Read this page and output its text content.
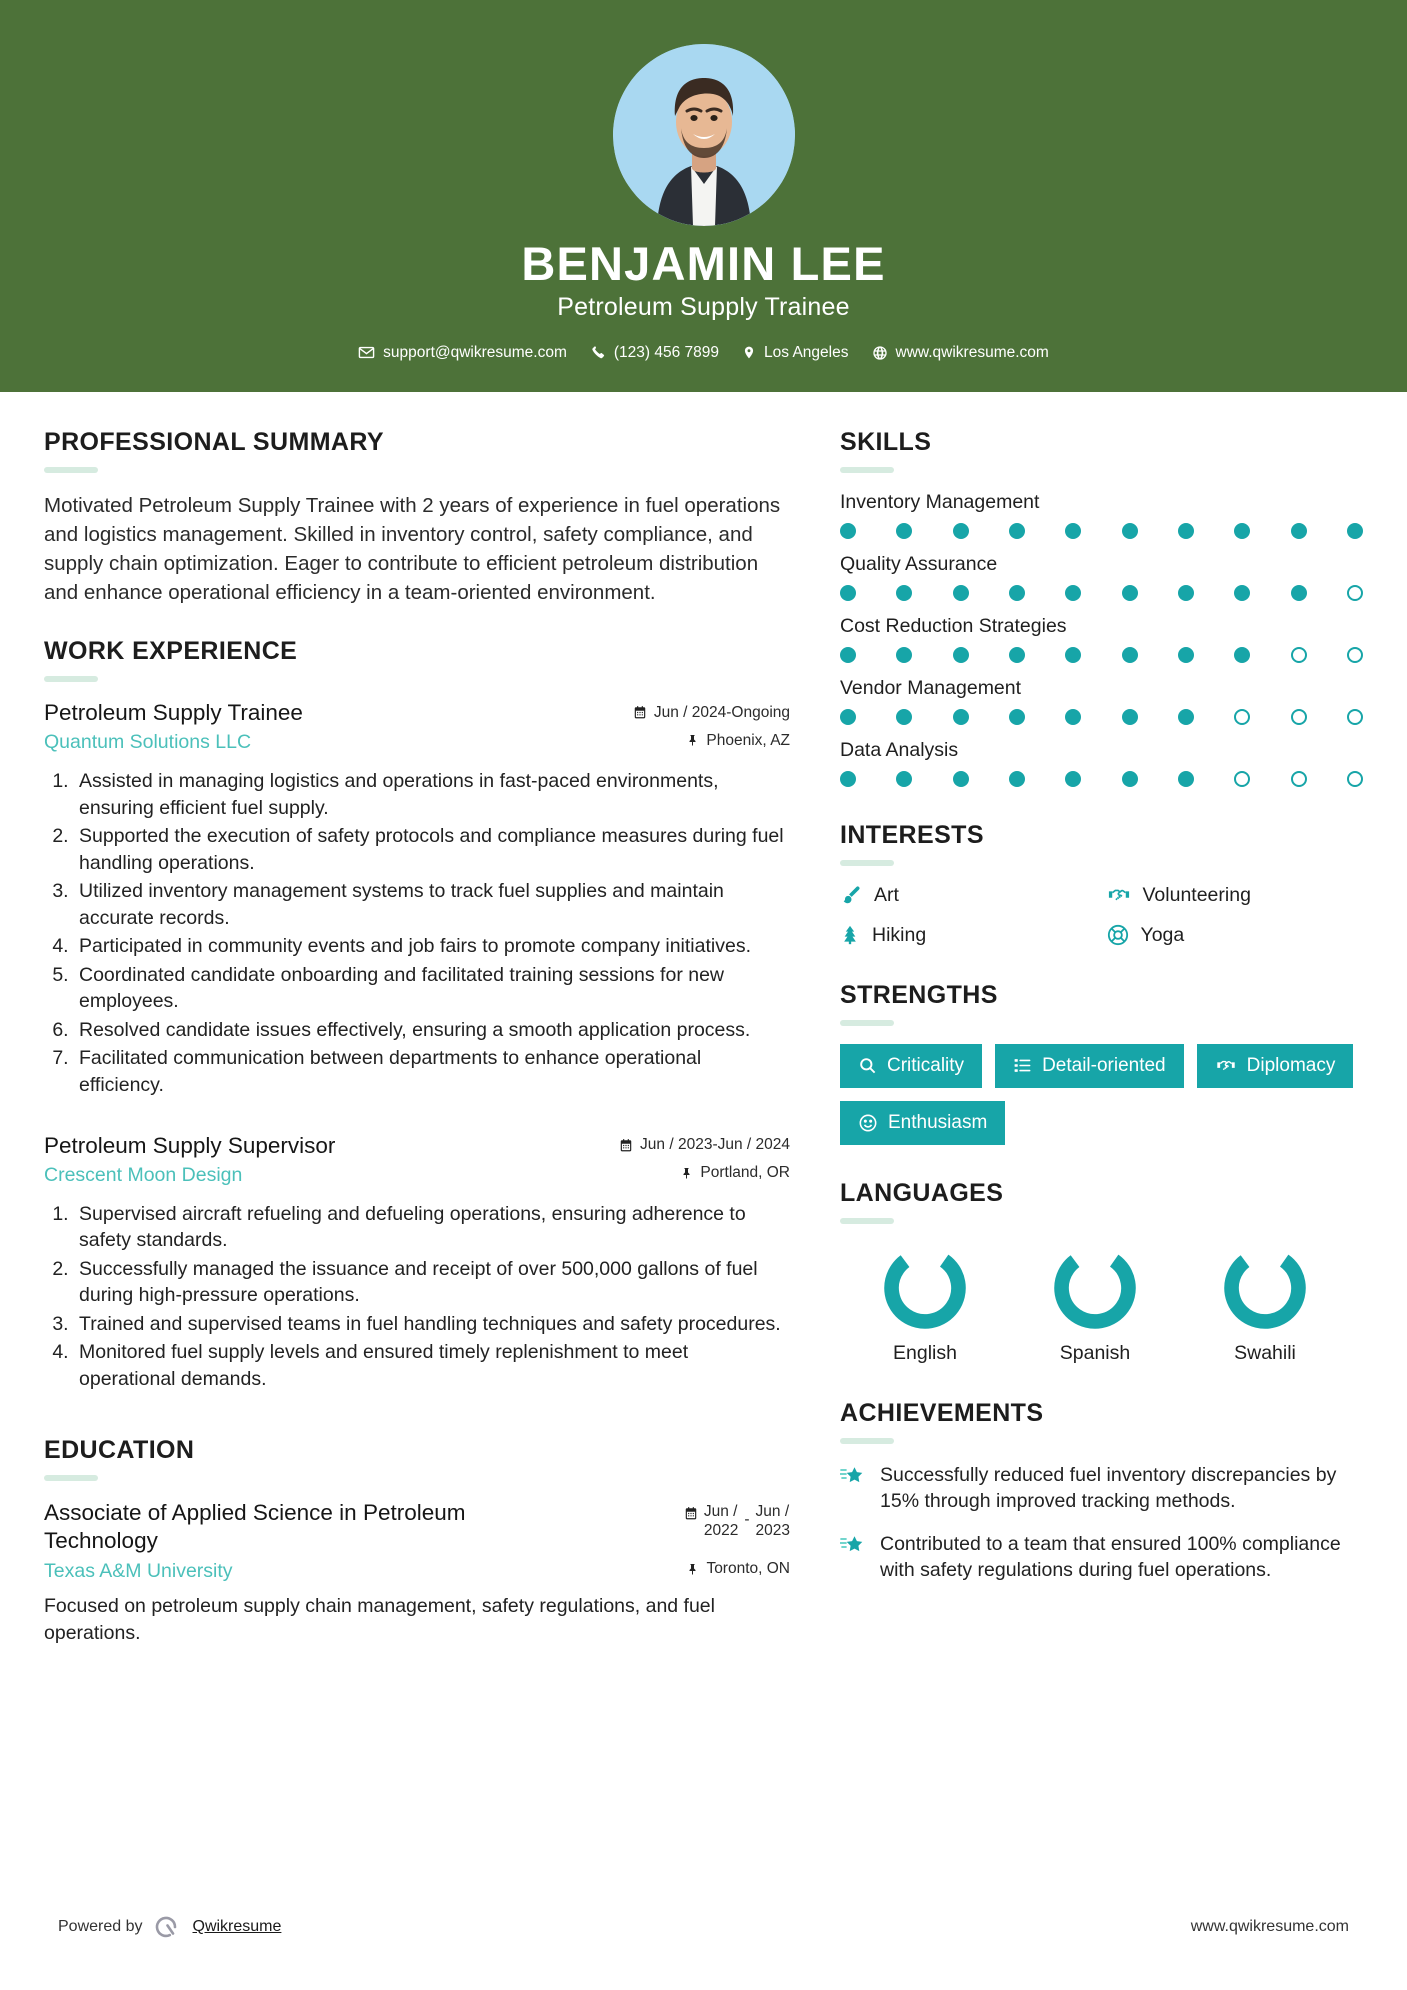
BENJAMIN LEE
Petroleum Supply Trainee
support@qwikresume.com	(123) 456 7899	Los Angeles	www.qwikresume.com
PROFESSIONAL SUMMARY
Motivated Petroleum Supply Trainee with 2 years of experience in fuel operations and logistics management. Skilled in inventory control, safety compliance, and supply chain optimization. Eager to contribute to efficient petroleum distribution and enhance operational efficiency in a team-oriented environment.
WORK EXPERIENCE
Petroleum Supply Trainee	Jun / 2024-Ongoing
Quantum Solutions LLC	Phoenix, AZ
1. Assisted in managing logistics and operations in fast-paced environments, ensuring efficient fuel supply.
2. Supported the execution of safety protocols and compliance measures during fuel handling operations.
3. Utilized inventory management systems to track fuel supplies and maintain accurate records.
4. Participated in community events and job fairs to promote company initiatives.
5. Coordinated candidate onboarding and facilitated training sessions for new employees.
6. Resolved candidate issues effectively, ensuring a smooth application process.
7. Facilitated communication between departments to enhance operational efficiency.
Petroleum Supply Supervisor	Jun / 2023-Jun / 2024
Crescent Moon Design	Portland, OR
1. Supervised aircraft refueling and defueling operations, ensuring adherence to safety standards.
2. Successfully managed the issuance and receipt of over 500,000 gallons of fuel during high-pressure operations.
3. Trained and supervised teams in fuel handling techniques and safety procedures.
4. Monitored fuel supply levels and ensured timely replenishment to meet operational demands.
EDUCATION
Associate of Applied Science in Petroleum Technology
Jun /
2022
- Jun /
2023
Texas A&M University	Toronto, ON
Focused on petroleum supply chain management, safety regulations, and fuel operations.
SKILLS
Inventory Management
Quality Assurance
Cost Reduction Strategies
Vendor Management
Data Analysis
INTERESTS
Art	Volunteering
Hiking	Yoga
STRENGTHS
Criticality	Detail-oriented	Diplomacy
Enthusiasm
LANGUAGES
English	Spanish	Swahili
ACHIEVEMENTS
Successfully reduced fuel inventory discrepancies by 15% through improved tracking methods.
Contributed to a team that ensured 100% compliance with safety regulations during fuel operations.
Powered by	Qwikresume	www.qwikresume.com
